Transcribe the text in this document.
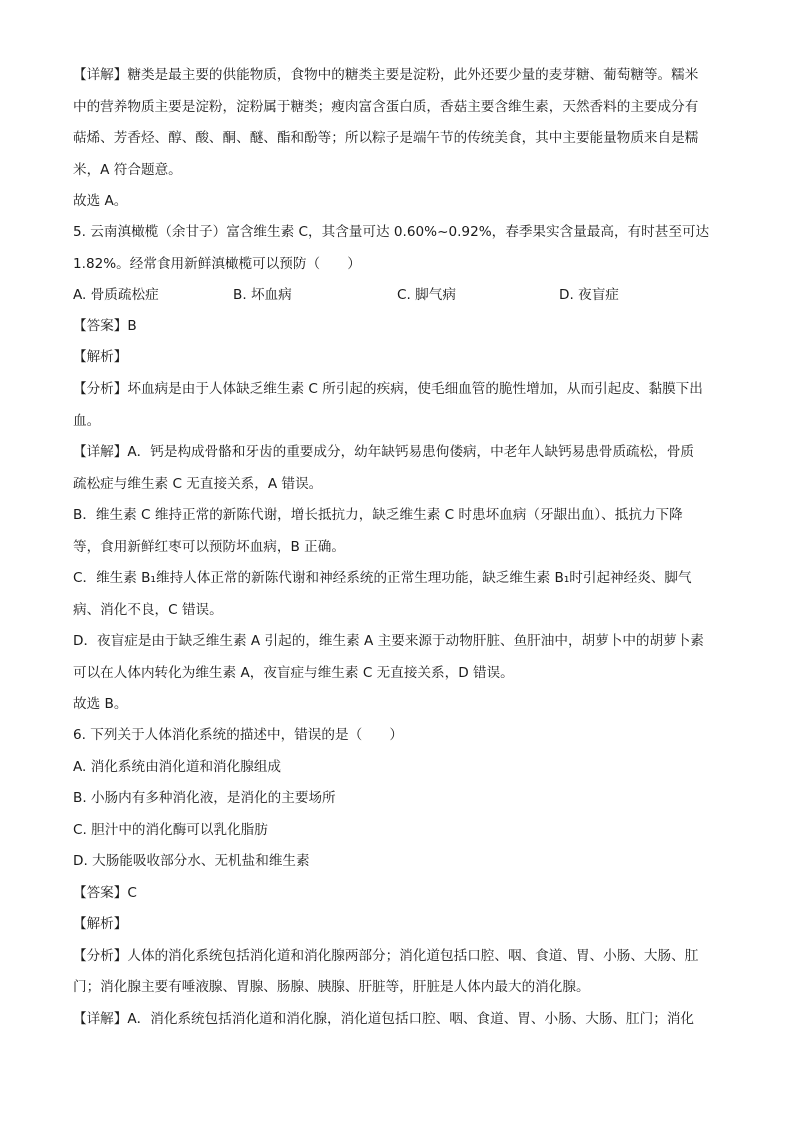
【详解】糖类是最主要的供能物质，食物中的糖类主要是淀粉，此外还要少量的麦芽糖、葡萄糖等。糯米

中的营养物质主要是淀粉，淀粉属于糖类；瘦肉富含蛋白质，香菇主要含维生素，天然香料的主要成分有

萜烯、芳香烃、醇、酸、酮、醚、酯和酚等；所以粽子是端午节的传统美食，其中主要能量物质来自是糯

米，A 符合题意。

故选 A。

5. 云南滇橄榄（余甘子）富含维生素 C，其含量可达 0.60%~0.92%，春季果实含量最高，有时甚至可达

1.82%。经常食用新鲜滇橄榄可以预防（　　）

【答案】B

【解析】

【分析】坏血病是由于人体缺乏维生素 C 所引起的疾病，使毛细血管的脆性增加，从而引起皮、黏膜下出

血。

【详解】A．钙是构成骨骼和牙齿的重要成分，幼年缺钙易患佝偻病，中老年人缺钙易患骨质疏松，骨质

疏松症与维生素 C 无直接关系，A 错误。

B．维生素 C 维持正常的新陈代谢，增长抵抗力，缺乏维生素 C 时患坏血病（牙龈出血）、抵抗力下降

等，食用新鲜红枣可以预防坏血病，B 正确。

C．维生素 B₁维持人体正常的新陈代谢和神经系统的正常生理功能，缺乏维生素 B₁时引起神经炎、脚气

病、消化不良，C 错误。

D．夜盲症是由于缺乏维生素 A 引起的，维生素 A 主要来源于动物肝脏、鱼肝油中，胡萝卜中的胡萝卜素

可以在人体内转化为维生素 A，夜盲症与维生素 C 无直接关系，D 错误。

故选 B。

6. 下列关于人体消化系统的描述中，错误的是（　　）

A. 消化系统由消化道和消化腺组成

B. 小肠内有多种消化液，是消化的主要场所

C. 胆汁中的消化酶可以乳化脂肪

D. 大肠能吸收部分水、无机盐和维生素

【答案】C

【解析】

【分析】人体的消化系统包括消化道和消化腺两部分；消化道包括口腔、咽、食道、胃、小肠、大肠、肛

门；消化腺主要有唾液腺、胃腺、肠腺、胰腺、肝脏等，肝脏是人体内最大的消化腺。

【详解】A．消化系统包括消化道和消化腺，消化道包括口腔、咽、食道、胃、小肠、大肠、肛门；消化

A. 骨质疏松症	B. 坏血病	C. 脚气病	D. 夜盲症
